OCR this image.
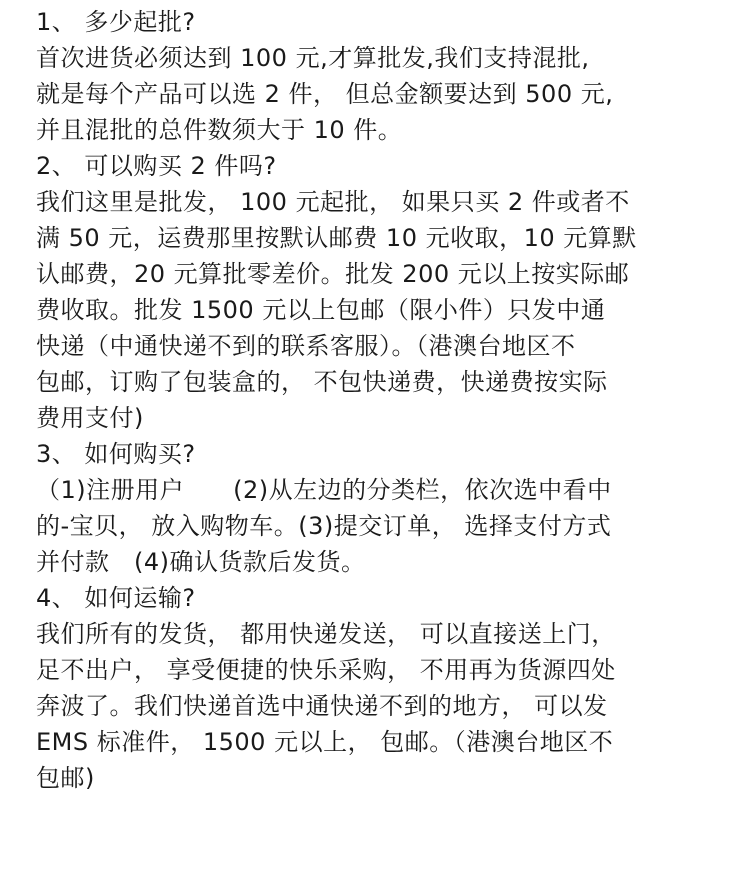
1、 多少起批?
首次进货必须达到 100 元,才算批发,我们支持混批,
就是每个产品可以选 2 件， 但总金额要达到 500 元,
并且混批的总件数须大于 10 件。
2、 可以购买 2 件吗?
我们这里是批发， 100 元起批， 如果只买 2 件或者不
满 50 元，运费那里按默认邮费 10 元收取，10 元算默
认邮费，20 元算批零差价。批发 200 元以上按实际邮
费收取。批发 1500 元以上包邮（限小件）只发中通
快递（中通快递不到的联系客服）。（港澳台地区不
包邮，订购了包装盒的， 不包快递费，快递费按实际
费用支付)
3、 如何购买?
（1)注册用户　　(2)从左边的分类栏，依次选中看中
的-宝贝， 放入购物车。(3)提交订单， 选择支付方式
并付款　(4)确认货款后发货。
4、 如何运输?
我们所有的发货， 都用快递发送， 可以直接送上门，
足不出户， 享受便捷的快乐采购， 不用再为货源四处
奔波了。我们快递首选中通快递不到的地方， 可以发
EMS 标准件， 1500 元以上， 包邮。（港澳台地区不
包邮)
